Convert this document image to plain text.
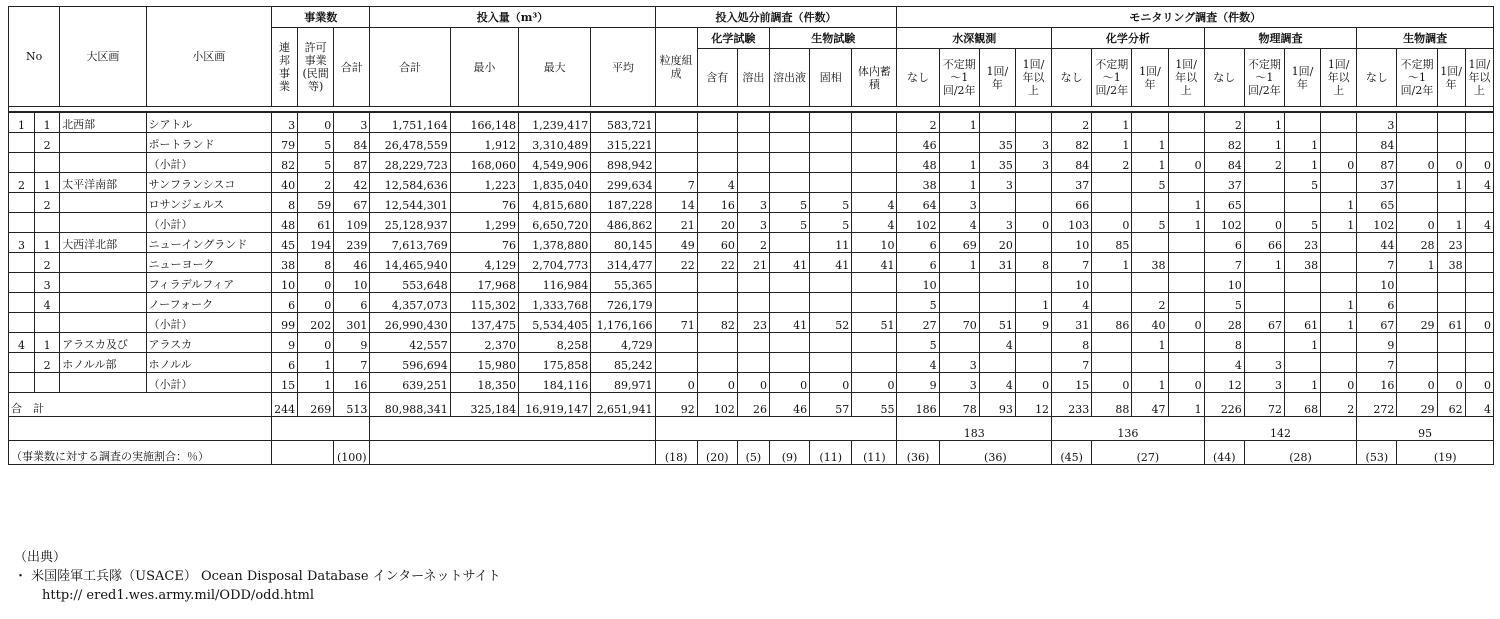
No		大区画	小区画	事業数			投入量（m³）				投入処分前調査（件数）						モニタリング調査（件数）															
				連邦事業	許可事業(民間等)	合計	合計	最小	最大	平均	粒度組成	化学試験		生物試験			水深観測				化学分析				物理調査				生物調査			
												含有	溶出	溶出液	固相	体内蓄積	なし	不定期～1回/2年	1回/年	1回/年以上	なし	不定期～1回/2年	1回/年	1回/年以上	なし	不定期～1回/2年	1回/年	1回/年以上	なし	不定期～1回/2年	1回/年	1回/年以上

1	1	北西部	シアトル	3	0	3	1,751,164	166,148	1,239,417	583,721							2	1			2	1			2	1			3			
	2		ポートランド	79	5	84	26,478,559	1,912	3,310,489	315,221							46		35	3	82	1	1		82	1	1		84			
			（小計）	82	5	87	28,229,723	168,060	4,549,906	898,942							48	1	35	3	84	2	1	0	84	2	1	0	87	0	0	0
2	1	太平洋南部	サンフランシスコ	40	2	42	12,584,636	1,223	1,835,040	299,634	7	4					38	1	3		37		5		37		5		37		1	4
	2		ロサンジェルス	8	59	67	12,544,301	76	4,815,680	187,228	14	16	3	5	5	4	64	3			66			1	65			1	65			
			（小計）	48	61	109	25,128,937	1,299	6,650,720	486,862	21	20	3	5	5	4	102	4	3	0	103	0	5	1	102	0	5	1	102	0	1	4
3	1	大西洋北部	ニューイングランド	45	194	239	7,613,769	76	1,378,880	80,145	49	60	2		11	10	6	69	20		10	85			6	66	23		44	28	23	
	2		ニューヨーク	38	8	46	14,465,940	4,129	2,704,773	314,477	22	22	21	41	41	41	6	1	31	8	7	1	38		7	1	38		7	1	38	
	3		フィラデルフィア	10	0	10	553,648	17,968	116,984	55,365							10				10				10				10			
	4		ノーフォーク	6	0	6	4,357,073	115,302	1,333,768	726,179							5			1	4		2		5			1	6			
			（小計）	99	202	301	26,990,430	137,475	5,534,405	1,176,166	71	82	23	41	52	51	27	70	51	9	31	86	40	0	28	67	61	1	67	29	61	0
4	1	アラスカ及び	アラスカ	9	0	9	42,557	2,370	8,258	4,729							5		4		8		1		8		1		9			
	2	ホノルル部	ホノルル	6	1	7	596,694	15,980	175,858	85,242							4	3			7				4	3			7			
			（小計）	15	1	16	639,251	18,350	184,116	89,971	0	0	0	0	0	0	9	3	4	0	15	0	1	0	12	3	1	0	16	0	0	0
合　計				244	269	513	80,988,341	325,184	16,919,147	2,651,941	92	102	26	46	57	55	186	78	93	12	233	88	47	1	226	72	68	2	272	29	62	4
																	183				136				142				95			
（事業数に対する調査の実施割合：％）						(100)					(18)	(20)	(5)	(9)	(11)	(11)	(36)	(36)			(45)	(27)			(44)	(28)			(53)	(19)		
（出典）
・ 米国陸軍工兵隊（USACE） Ocean Disposal Database インターネットサイト
http:// ered1.wes.army.mil/ODD/odd.html
